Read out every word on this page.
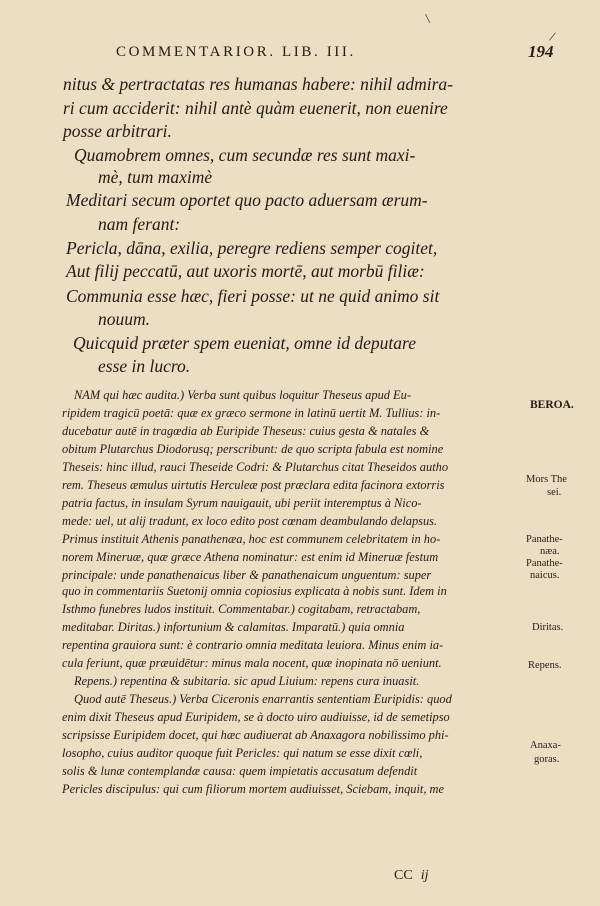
\
/
COMMENTARIOR. LIB. III.	194
nitus & pertractatas res humanas habere: nihil admira-
ri cum acciderit: nihil antè quàm euenerit, non euenire
posse arbitrari.
Quamobrem omnes, cum secundæ res sunt maxi-
mè, tum maximè
Meditari secum oportet quo pacto aduersam ærum-
nam ferant:
Pericla, dāna, exilia, peregre rediens semper cogitet,
Aut filij peccatū, aut uxoris mortē, aut morbū filiæ:
Communia esse hæc, fieri posse: ut ne quid animo sit
nouum.
Quicquid præter spem eueniat, omne id deputare
esse in lucro.
NAM qui hæc audita.) Verba sunt quibus loquitur Theseus apud Eu-
ripidem tragicū poetā: quæ ex græco sermone in latinū uertit M. Tullius: in-
ducebatur autē in tragœdia ab Euripide Theseus: cuius gesta & natales &
obitum Plutarchus Diodorusq; perscribunt: de quo scripta fabula est nomine
Theseis: hinc illud, rauci Theseide Codri: & Plutarchus citat Theseidos autho
rem. Theseus æmulus uirtutis Herculeæ post præclara edita facinora extorris
patria factus, in insulam Syrum nauigauit, ubi periit interemptus à Nico-
mede: uel, ut alij tradunt, ex loco edito post cœnam deambulando delapsus.
Primus instituit Athenis panathenæa, hoc est communem celebritatem in ho-
norem Mineruæ, quæ græce Athena nominatur: est enim id Mineruæ festum
principale: unde panathenaicus liber & panathenaicum unguentum: super
quo in commentariis Suetonij omnia copiosius explicata à nobis sunt. Idem in
Isthmo funebres ludos instituit. Commentabar.) cogitabam, retractabam,
meditabar. Diritas.) infortunium & calamitas. Imparatū.) quia omnia
repentina grauiora sunt: è contrario omnia meditata leuiora. Minus enim ia-
cula feriunt, quæ præuidētur: minus mala nocent, quæ inopinata nō ueniunt.
Repens.) repentina & subitaria. sic apud Liuium: repens cura inuasit.
Quod autē Theseus.) Verba Ciceronis enarrantis sententiam Euripidis: quod
enim dixit Theseus apud Euripidem, se à docto uiro audiuisse, id de semetipso
scripsisse Euripidem docet, qui hæc audiuerat ab Anaxagora nobilissimo phi-
losopho, cuius auditor quoque fuit Pericles: qui natum se esse dixit cœli,
solis & lunæ contemplandæ causa: quem impietatis accusatum defendit
Pericles discipulus: qui cum filiorum mortem audiuisset, Sciebam, inquit, me
BEROA.
Mors The
sei.
Panathe-
næa.
Panathe-
naicus.
Diritas.
Repens.
Anaxa-
goras.
CC ij
